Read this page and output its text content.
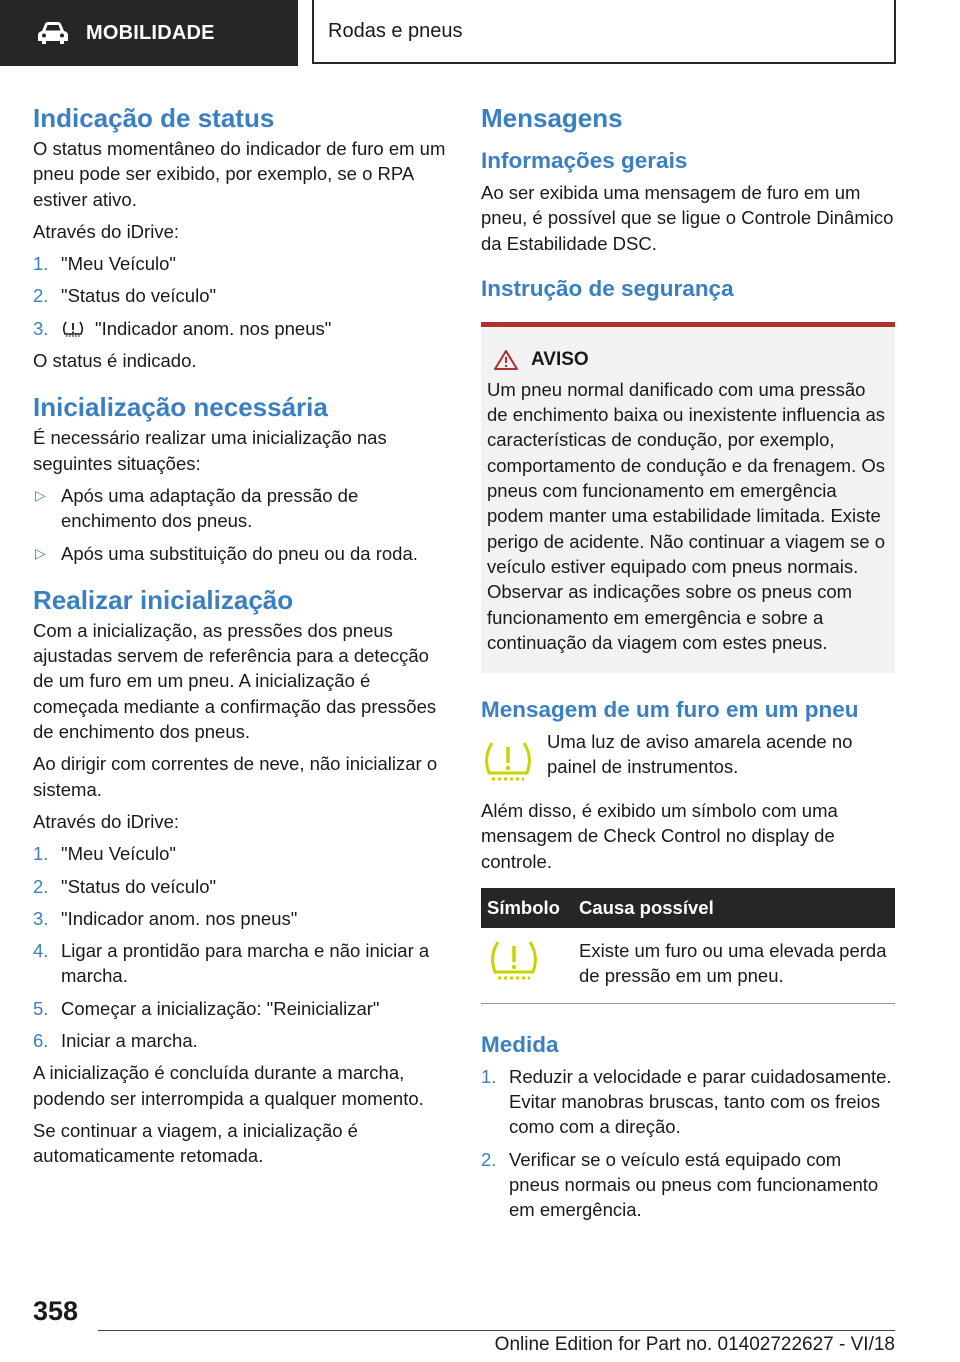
MOBILIDADE	Rodas e pneus
Indicação de status

O status momentâneo do indicador de furo em um pneu pode ser exibido, por exemplo, se o RPA estiver ativo.

Através do iDrive:

1. "Meu Veículo"
2. "Status do veículo"
3.	"Indicador anom. nos pneus"

O status é indicado.

Inicialização necessária

É necessário realizar uma inicialização nas seguintes situações:

▷ Após uma adaptação da pressão de enchimento dos pneus.
▷ Após uma substituição do pneu ou da roda.
Realizar inicialização

Com a inicialização, as pressões dos pneus ajustadas servem de referência para a detecção de um furo em um pneu. A inicialização é começada mediante a confirmação das pressões de enchimento dos pneus.

Ao dirigir com correntes de neve, não inicializar o sistema.

Através do iDrive:

1. "Meu Veículo"
2. "Status do veículo"
3. "Indicador anom. nos pneus"
4. Ligar a prontidão para marcha e não iniciar a marcha.
5. Começar a inicialização: "Reinicializar"
6. Iniciar a marcha.

A inicialização é concluída durante a marcha, podendo ser interrompida a qualquer momento.

Se continuar a viagem, a inicialização é automaticamente retomada.

Mensagens
Informações gerais

Ao ser exibida uma mensagem de furo em um pneu, é possível que se ligue o Controle Dinâmico da Estabilidade DSC.

Instrução de segurança
AVISO

Um pneu normal danificado com uma pressão de enchimento baixa ou inexistente influencia as características de condução, por exemplo, comportamento de condução e da frenagem. Os pneus com funcionamento em emergência podem manter uma estabilidade limitada. Existe perigo de acidente. Não continuar a viagem se o veículo estiver equipado com pneus normais. Observar as indicações sobre os pneus com funcionamento em emergência e sobre a continuação da viagem com estes pneus.

Mensagem de um furo em um pneu

Uma luz de aviso amarela acende no painel de instrumentos.

Além disso, é exibido um símbolo com uma mensagem de Check Control no display de controle.

Símbolo	Causa possível
	Existe um furo ou uma elevada perda de pressão em um pneu.
Medida
1. Reduzir a velocidade e parar cuidadosamente. Evitar manobras bruscas, tanto com os freios como com a direção.
2. Verificar se o veículo está equipado com pneus normais ou pneus com funcionamento em emergência.
358
Online Edition for Part no. 01402722627 - VI/18
